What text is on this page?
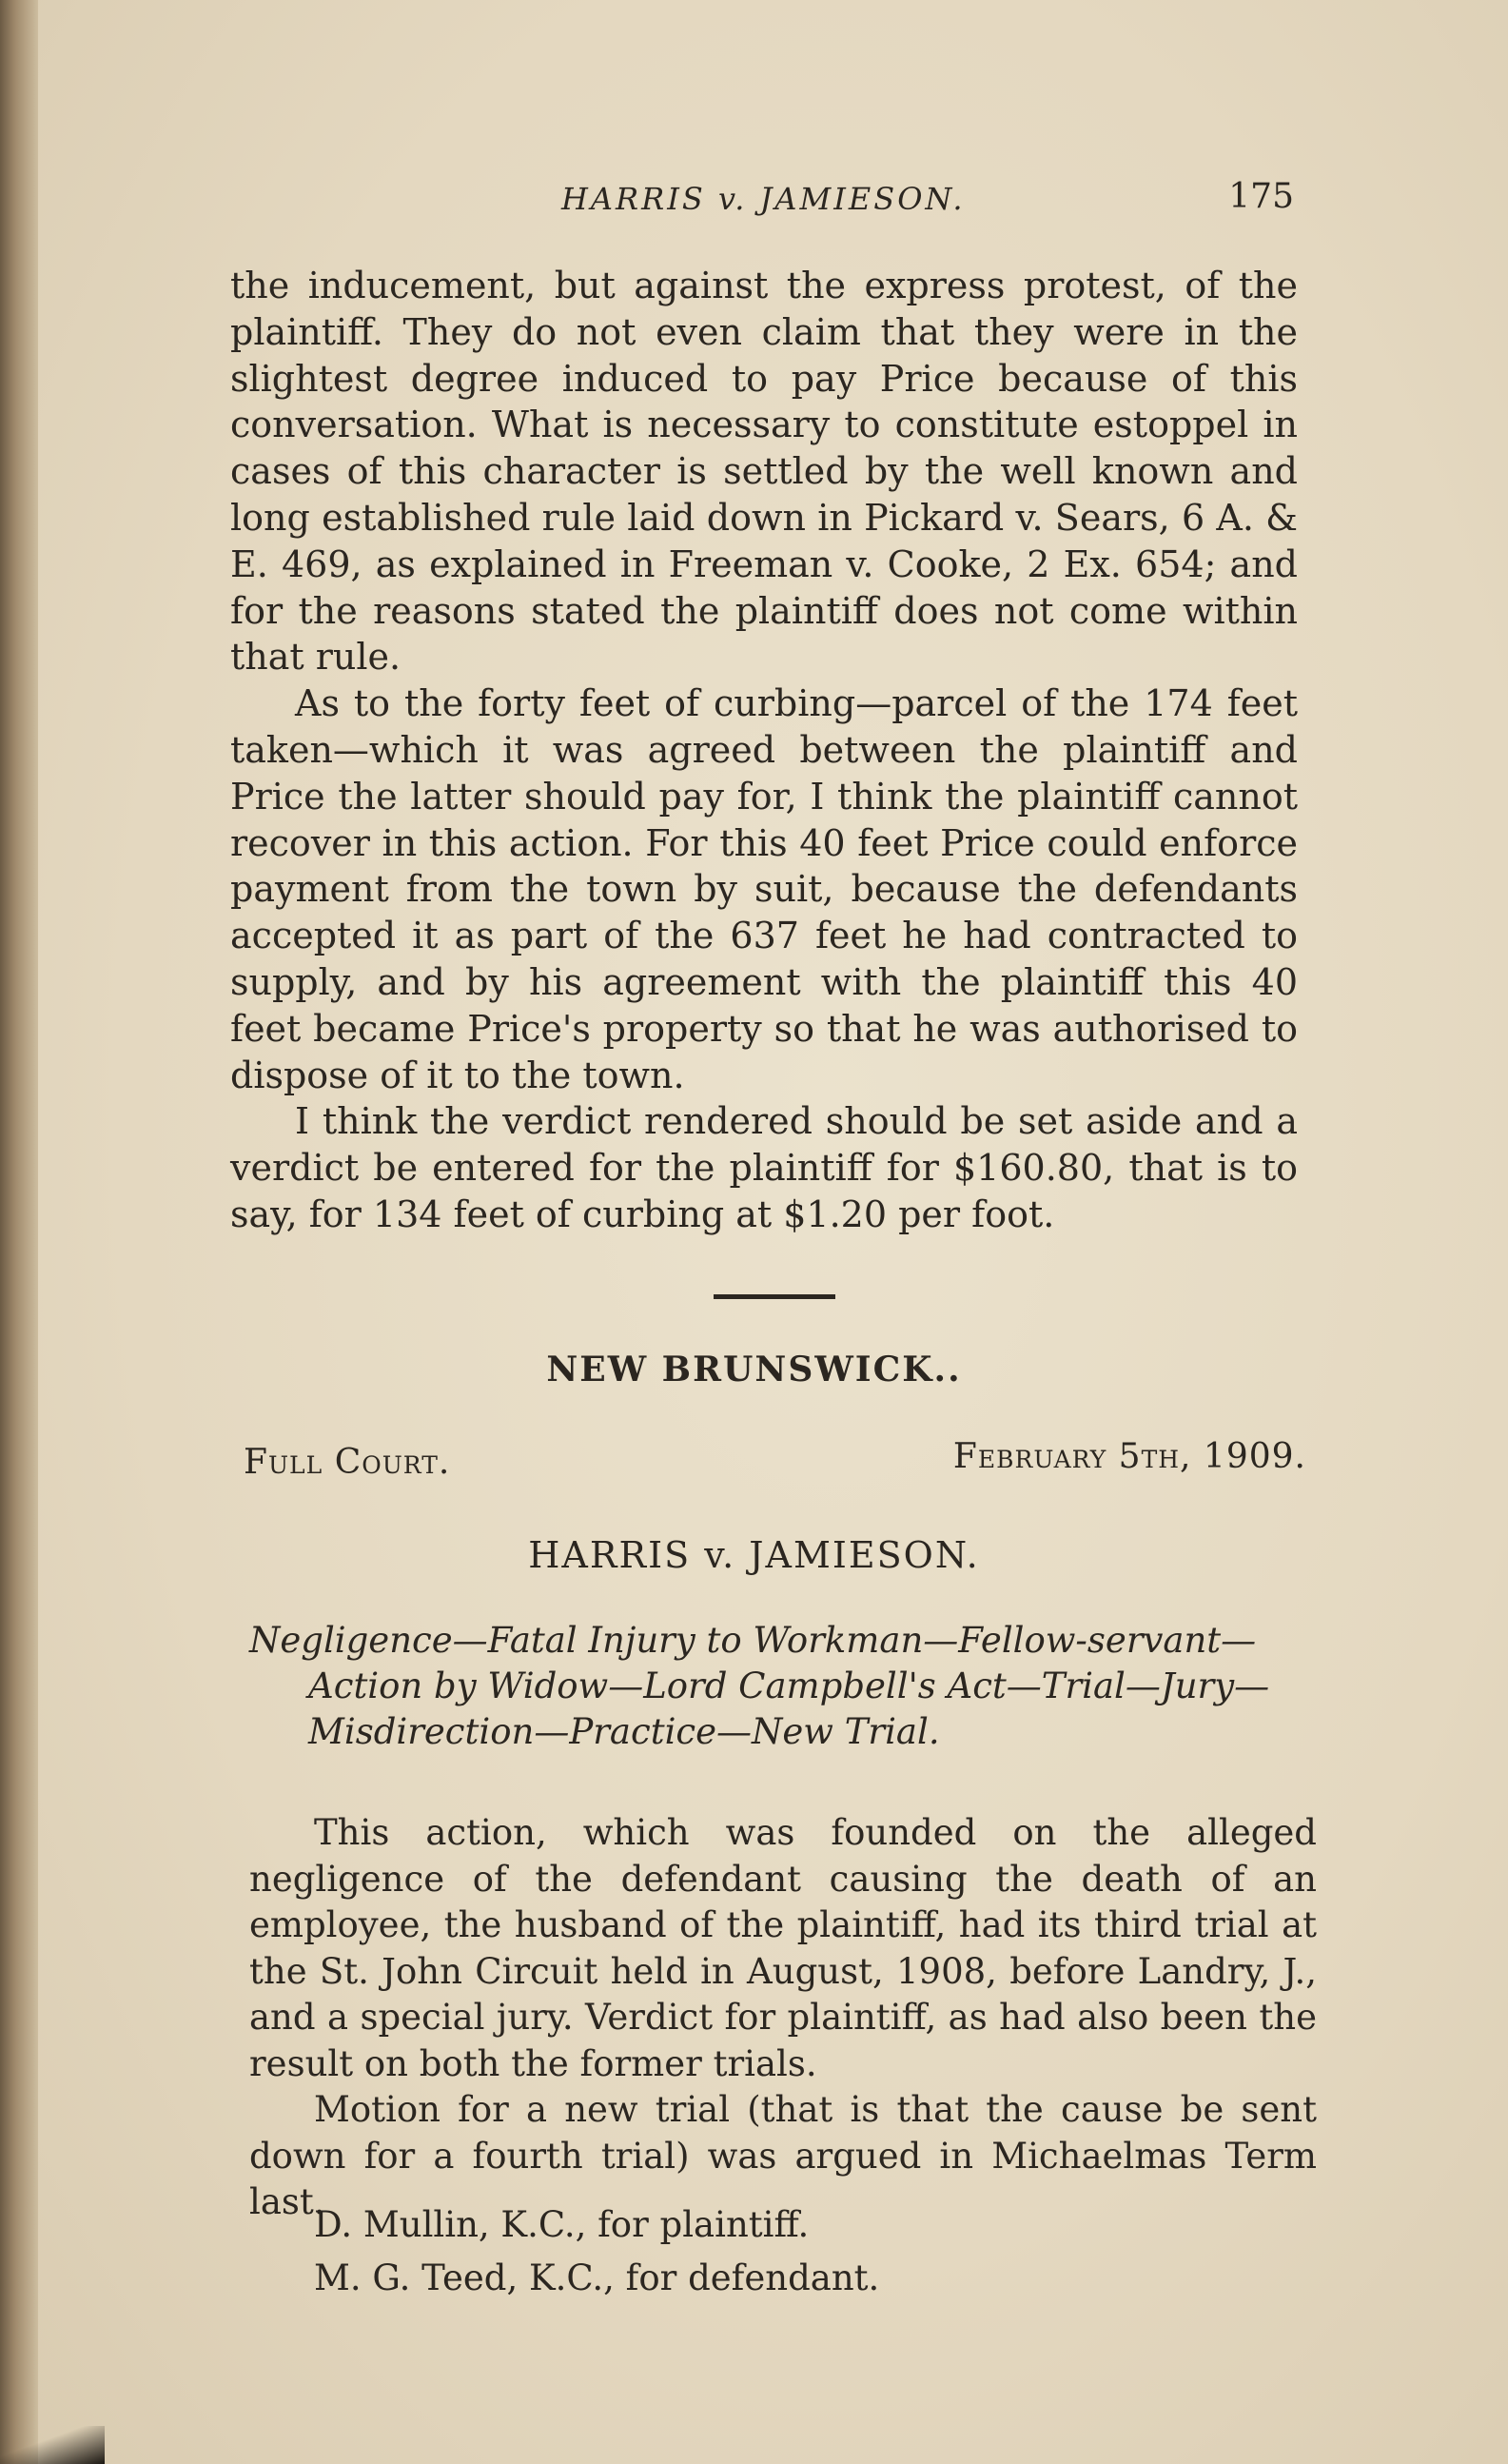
HARRIS v. JAMIESON.	175

the inducement, but against the express protest, of the plaintiff. They do not even claim that they were in the slightest degree induced to pay Price because of this conversation. What is necessary to constitute estoppel in cases of this character is settled by the well known and long established rule laid down in Pickard v. Sears, 6 A. & E. 469, as explained in Freeman v. Cooke, 2 Ex. 654; and for the reasons stated the plaintiff does not come within that rule.

As to the forty feet of curbing—parcel of the 174 feet taken—which it was agreed between the plaintiff and Price the latter should pay for, I think the plaintiff cannot recover in this action. For this 40 feet Price could enforce payment from the town by suit, because the defendants accepted it as part of the 637 feet he had contracted to supply, and by his agreement with the plaintiff this 40 feet became Price's property so that he was authorised to dispose of it to the town.

I think the verdict rendered should be set aside and a verdict be entered for the plaintiff for $160.80, that is to say, for 134 feet of curbing at $1.20 per foot.

NEW BRUNSWICK..
Full Court.	February 5th, 1909.
HARRIS v. JAMIESON.
Negligence—Fatal Injury to Workman—Fellow-servant—Action by Widow—Lord Campbell's Act—Trial—Jury—Misdirection—Practice—New Trial.

This action, which was founded on the alleged negligence of the defendant causing the death of an employee, the husband of the plaintiff, had its third trial at the St. John Circuit held in August, 1908, before Landry, J., and a special jury. Verdict for plaintiff, as had also been the result on both the former trials.

Motion for a new trial (that is that the cause be sent down for a fourth trial) was argued in Michaelmas Term last.

D. Mullin, K.C., for plaintiff.
M. G. Teed, K.C., for defendant.
